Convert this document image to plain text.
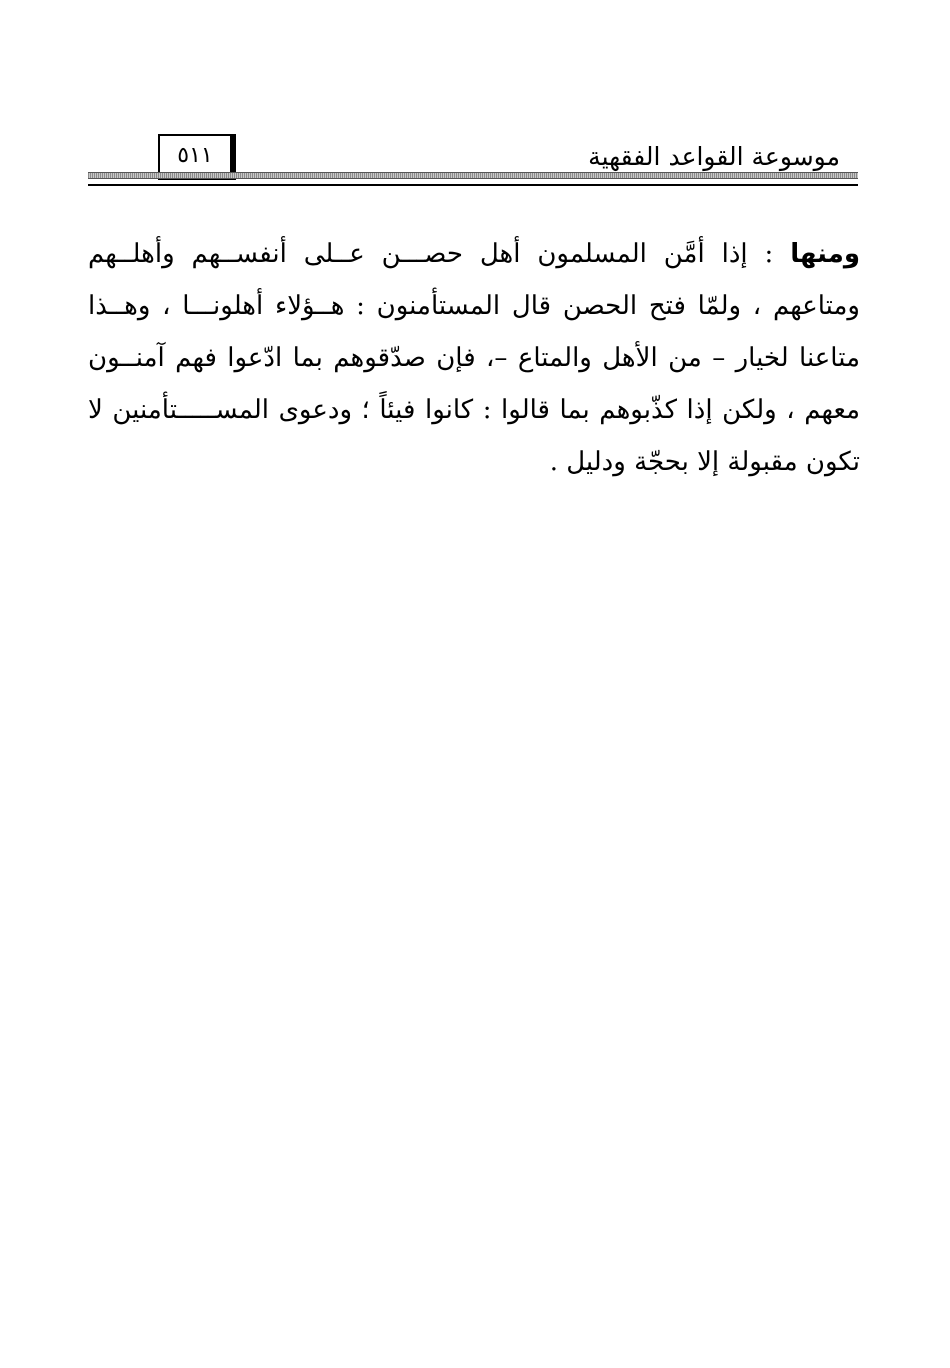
موسوعة القواعد الفقهية
٥١١
ومنها : إذا أمَّن المسلمون أهل حصـــن عــلى أنفســهم وأهلــهم
ومتاعهم ، ولمّا فتح الحصن قال المستأمنون : هــؤلاء أهلونـــا ، وهــذا
متاعنا لخيار – من الأهل والمتاع –، فإن صدّقوهم بما ادّعوا فهم آمنــون
معهم ، ولكن إذا كذّبوهم بما قالوا : كانوا فيئاً ؛ ودعوى المســـــتأمنين لا
تكون مقبولة إلا بحجّة ودليل .
